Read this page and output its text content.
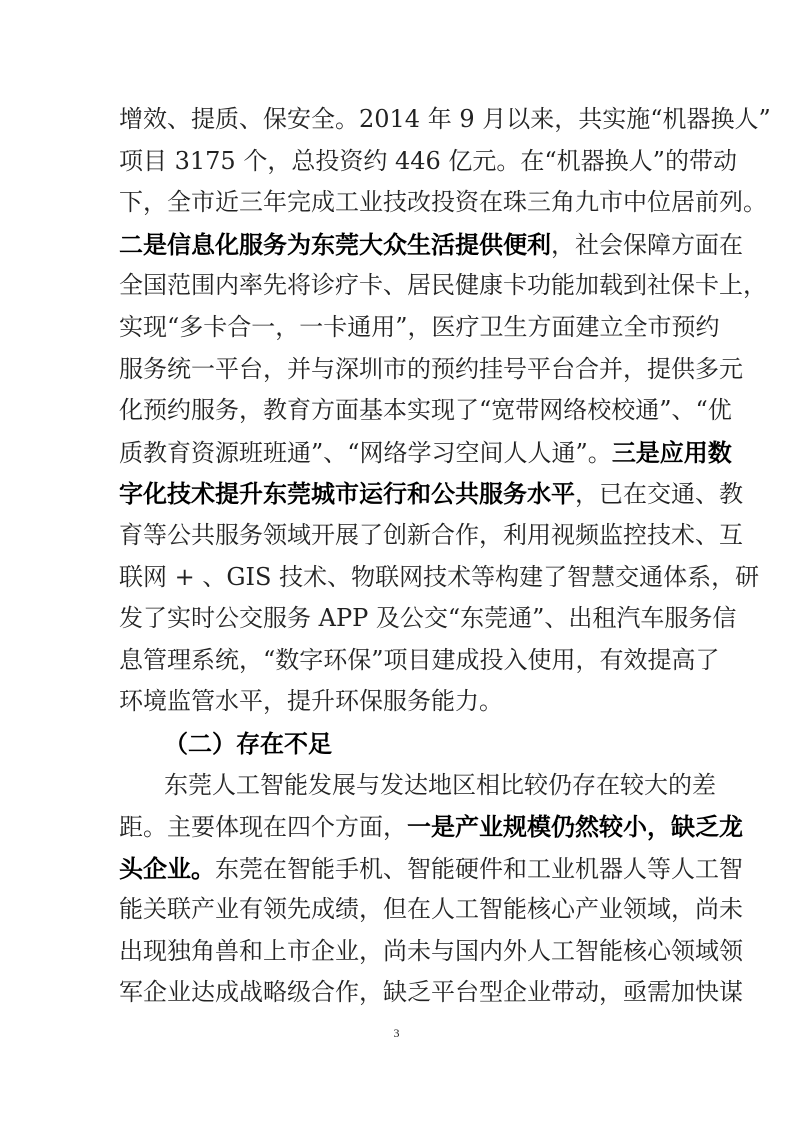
增效、提质、保安全。2014 年 9 月以来，共实施“机器换人”
项目 3175 个，总投资约 446 亿元。在“机器换人”的带动
下，全市近三年完成工业技改投资在珠三角九市中位居前列。
二是信息化服务为东莞大众生活提供便利，社会保障方面在
全国范围内率先将诊疗卡、居民健康卡功能加载到社保卡上，
实现“多卡合一，一卡通用”，医疗卫生方面建立全市预约
服务统一平台，并与深圳市的预约挂号平台合并，提供多元
化预约服务，教育方面基本实现了“宽带网络校校通”、“优
质教育资源班班通”、“网络学习空间人人通”。三是应用数
字化技术提升东莞城市运行和公共服务水平，已在交通、教
育等公共服务领域开展了创新合作，利用视频监控技术、互
联网 + 、GIS 技术、物联网技术等构建了智慧交通体系，研
发了实时公交服务 APP 及公交“东莞通”、出租汽车服务信
息管理系统，“数字环保”项目建成投入使用，有效提高了
环境监管水平，提升环保服务能力。
（二）存在不足
东莞人工智能发展与发达地区相比较仍存在较大的差
距。主要体现在四个方面，一是产业规模仍然较小，缺乏龙
头企业。东莞在智能手机、智能硬件和工业机器人等人工智
能关联产业有领先成绩，但在人工智能核心产业领域，尚未
出现独角兽和上市企业，尚未与国内外人工智能核心领域领
军企业达成战略级合作，缺乏平台型企业带动，亟需加快谋
3
